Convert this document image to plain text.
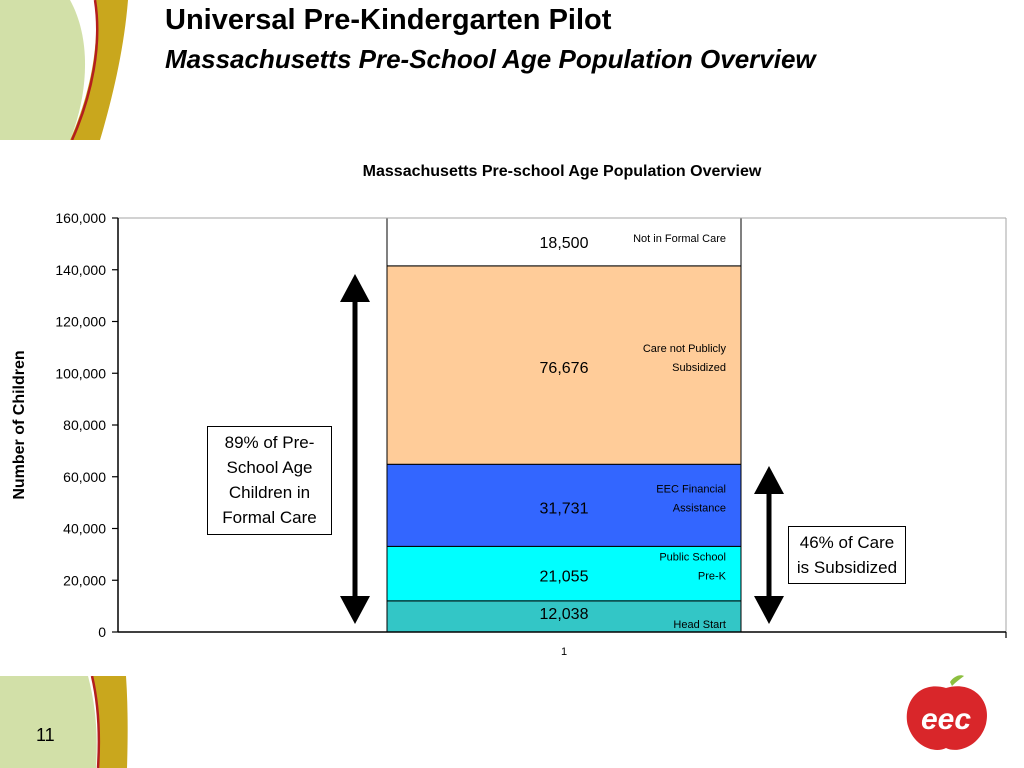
Universal Pre-Kindergarten Pilot
Massachusetts Pre-School Age Population Overview
Massachusetts Pre-school Age Population Overview
12,038
Head Start
21,055
Public School
Pre-K
31,731
EEC Financial
Assistance
76,676
Care not Publicly
Subsidized
18,500	Not in Formal Care
0
20,000
40,000
60,000
80,000
100,000
120,000
140,000
160,000
1
Number of Children	89% of Pre-
School Age
Children in
Formal Care
46% of Care
is Subsidized
eec
11
